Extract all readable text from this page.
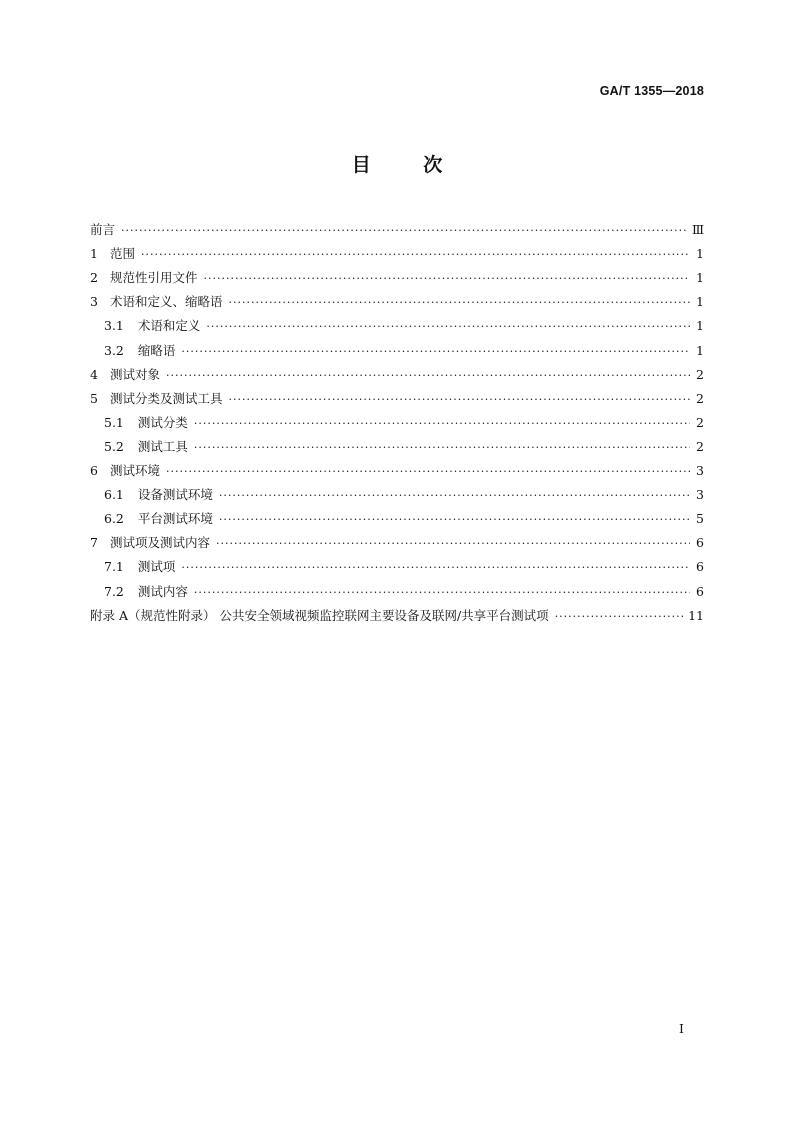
GA/T 1355—2018
目 次
前言 ·····	Ⅲ
1 范围 ·····	1
2 规范性引用文件 ·····	1
3 术语和定义、缩略语 ·····	1
3.1 术语和定义 ·····	1
3.2 缩略语 ·····	1
4 测试对象 ·····	2
5 测试分类及测试工具 ·····	2
5.1 测试分类 ·····	2
5.2 测试工具 ·····	2
6 测试环境 ·····	3
6.1 设备测试环境 ·····	3
6.2 平台测试环境 ·····	5
7 测试项及测试内容 ·····	6
7.1 测试项 ·····	6
7.2 测试内容 ·····	6
附录 A（规范性附录） 公共安全领域视频监控联网主要设备及联网/共享平台测试项 ·····	11
I
